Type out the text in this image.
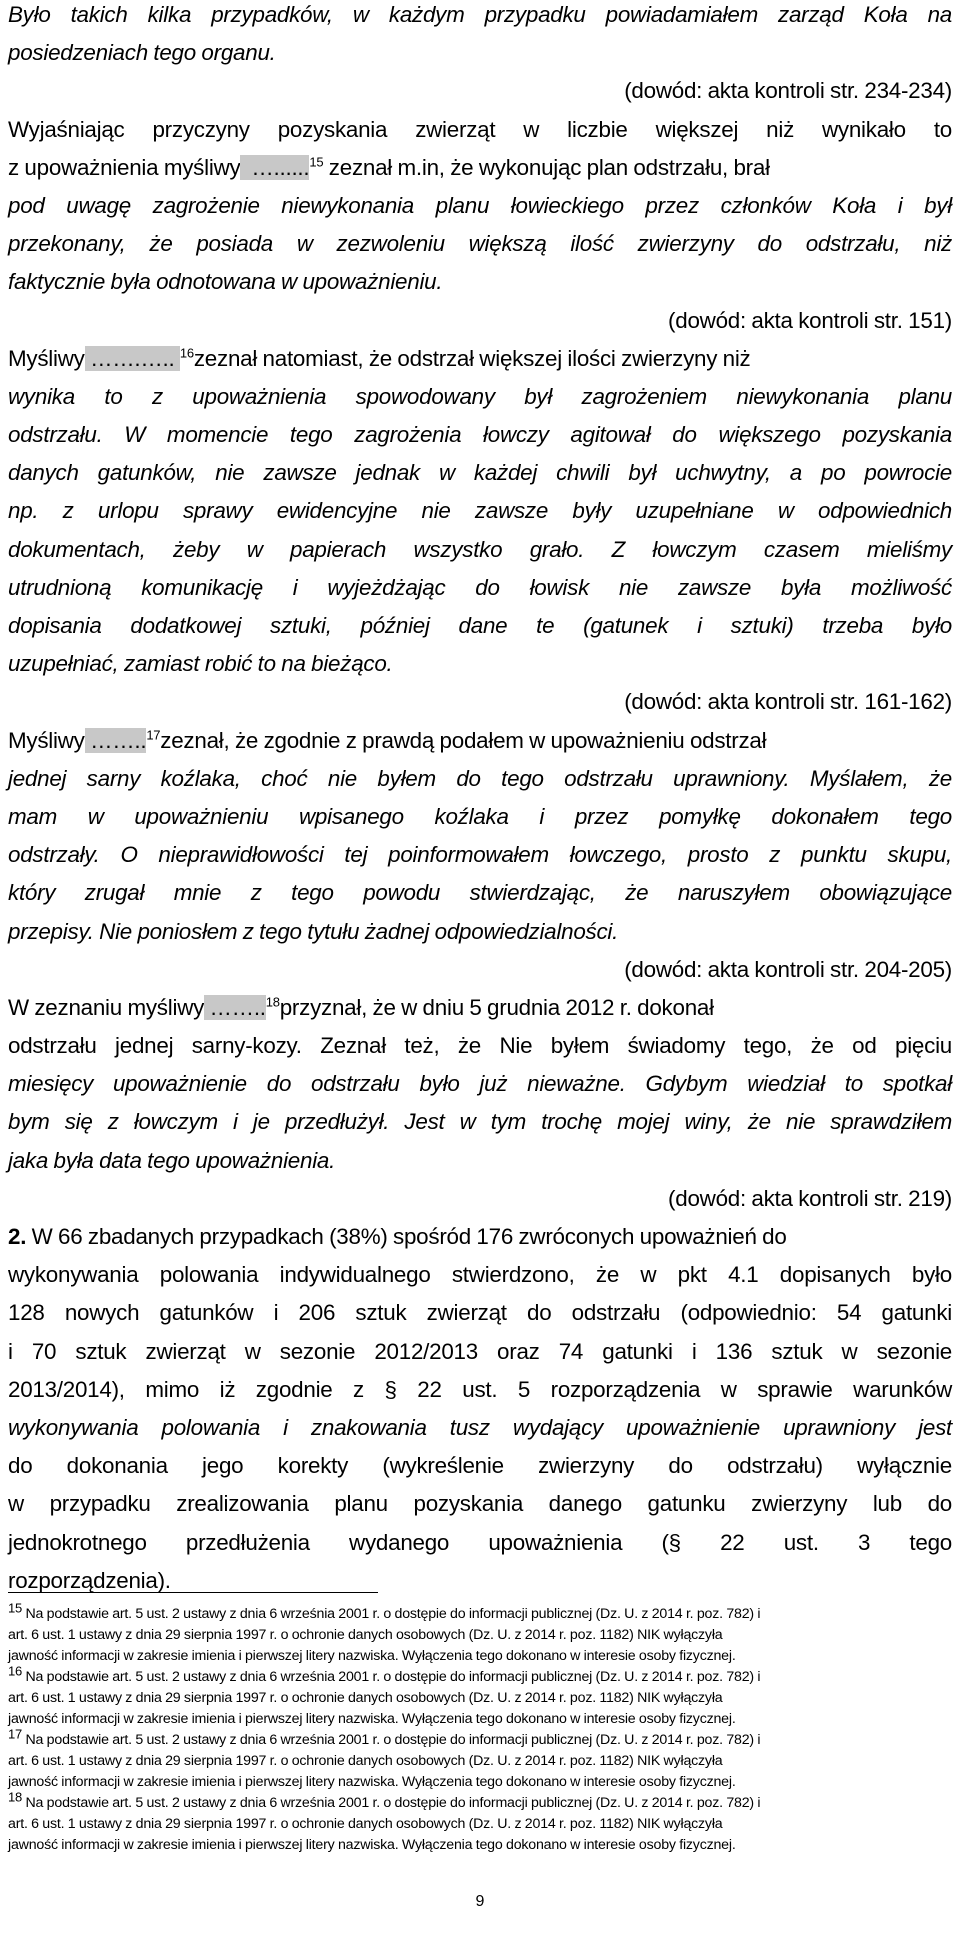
Było takich kilka przypadków, w każdym przypadku powiadamiałem zarząd Koła na
posiedzeniach tego organu.
(dowód: akta kontroli str. 234-234)
Wyjaśniając przyczyny pozyskania zwierząt w liczbie większej niż wynikało to
z upoważnienia myśliwy …......$^{15}$ zeznał m.in, że wykonując plan odstrzału, brał
pod uwagę zagrożenie niewykonania planu łowieckiego przez członków Koła i był
przekonany, że posiada w zezwoleniu większą ilość zwierzyny do odstrzału, niż
faktycznie była odnotowana w upoważnieniu.
(dowód: akta kontroli str. 151)
Myśliwy …….….. $^{16}$zeznał natomiast, że odstrzał większej ilości zwierzyny niż
wynika to z upoważnienia spowodowany był zagrożeniem niewykonania planu
odstrzału. W momencie tego zagrożenia łowczy agitował do większego pozyskania
danych gatunków, nie zawsze jednak w każdej chwili był uchwytny, a po powrocie
np. z urlopu sprawy ewidencyjne nie zawsze były uzupełniane w odpowiednich
dokumentach, żeby w papierach wszystko grało. Z łowczym czasem mieliśmy
utrudnioną komunikację i wyjeżdżając do łowisk nie zawsze była możliwość
dopisania dodatkowej sztuki, później dane te (gatunek i sztuki) trzeba było
uzupełniać, zamiast robić to na bieżąco.
(dowód: akta kontroli str. 161-162)
Myśliwy ……..$^{17}$zeznał, że zgodnie z prawdą podałem w upoważnieniu odstrzał
jednej sarny koźlaka, choć nie byłem do tego odstrzału uprawniony. Myślałem, że
mam w upoważnieniu wpisanego koźlaka i przez pomyłkę dokonałem tego
odstrzały. O nieprawidłowości tej poinformowałem łowczego, prosto z punktu skupu,
który zrugał mnie z tego powodu stwierdzając, że naruszyłem obowiązujące
przepisy. Nie poniosłem z tego tytułu żadnej odpowiedzialności.
(dowód: akta kontroli str. 204-205)
W zeznaniu myśliwy ……..$^{18}$przyznał, że w dniu 5 grudnia 2012 r. dokonał
odstrzału jednej sarny-kozy. Zeznał też, że Nie byłem świadomy tego, że od pięciu
miesięcy upoważnienie do odstrzału było już nieważne. Gdybym wiedział to spotkał
bym się z łowczym i je przedłużył. Jest w tym trochę mojej winy, że nie sprawdziłem
jaka była data tego upoważnienia.
(dowód: akta kontroli str. 219)
2. W 66 zbadanych przypadkach (38%) spośród 176 zwróconych upoważnień do
wykonywania polowania indywidualnego stwierdzono, że w pkt 4.1 dopisanych było
128 nowych gatunków i 206 sztuk zwierząt do odstrzału (odpowiednio: 54 gatunki
i 70 sztuk zwierząt w sezonie 2012/2013 oraz 74 gatunki i 136 sztuk w sezonie
2013/2014), mimo iż zgodnie z § 22 ust. 5 rozporządzenia w sprawie warunków
wykonywania polowania i znakowania tusz wydający upoważnienie uprawniony jest
do dokonania jego korekty (wykreślenie zwierzyny do odstrzału) wyłącznie
w przypadku zrealizowania planu pozyskania danego gatunku zwierzyny lub do
jednokrotnego przedłużenia wydanego upoważnienia (§ 22 ust. 3 tego
rozporządzenia).
$^{15}$ Na podstawie art. 5 ust. 2 ustawy z dnia 6 września 2001 r. o dostępie do informacji publicznej (Dz. U. z 2014 r. poz. 782) i
art. 6 ust. 1 ustawy z dnia 29 sierpnia 1997 r. o ochronie danych osobowych (Dz. U. z 2014 r. poz. 1182) NIK wyłączyła
jawność informacji w zakresie imienia i pierwszej litery nazwiska. Wyłączenia tego dokonano w interesie osoby fizycznej.
$^{16}$ Na podstawie art. 5 ust. 2 ustawy z dnia 6 września 2001 r. o dostępie do informacji publicznej (Dz. U. z 2014 r. poz. 782) i
art. 6 ust. 1 ustawy z dnia 29 sierpnia 1997 r. o ochronie danych osobowych (Dz. U. z 2014 r. poz. 1182) NIK wyłączyła
jawność informacji w zakresie imienia i pierwszej litery nazwiska. Wyłączenia tego dokonano w interesie osoby fizycznej.
$^{17}$ Na podstawie art. 5 ust. 2 ustawy z dnia 6 września 2001 r. o dostępie do informacji publicznej (Dz. U. z 2014 r. poz. 782) i
art. 6 ust. 1 ustawy z dnia 29 sierpnia 1997 r. o ochronie danych osobowych (Dz. U. z 2014 r. poz. 1182) NIK wyłączyła
jawność informacji w zakresie imienia i pierwszej litery nazwiska. Wyłączenia tego dokonano w interesie osoby fizycznej.
$^{18}$ Na podstawie art. 5 ust. 2 ustawy z dnia 6 września 2001 r. o dostępie do informacji publicznej (Dz. U. z 2014 r. poz. 782) i
art. 6 ust. 1 ustawy z dnia 29 sierpnia 1997 r. o ochronie danych osobowych (Dz. U. z 2014 r. poz. 1182) NIK wyłączyła
jawność informacji w zakresie imienia i pierwszej litery nazwiska. Wyłączenia tego dokonano w interesie osoby fizycznej.
9
